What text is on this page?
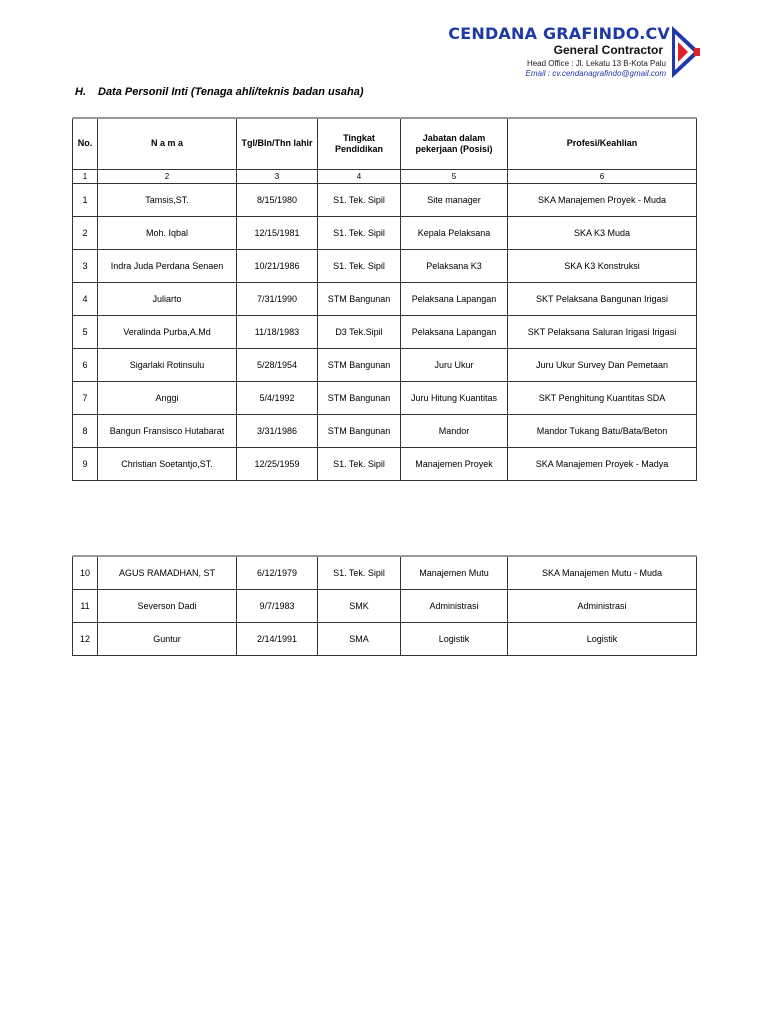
CENDANA GRAFINDO.CV
General Contractor
Head Office : Jl. Lekatu 13 B-Kota Palu
Email : cv.cendanagrafindo@gmail.com
H. Data Personil Inti (Tenaga ahli/teknis badan usaha)
No.	N a m a	Tgl/Bln/Thn lahir	Tingkat Pendidikan	Jabatan dalam pekerjaan (Posisi)	Profesi/Keahlian
1	2	3	4	5	6
1	Tamsis,ST.	8/15/1980	S1. Tek. Sipil	Site manager	SKA Manajemen Proyek - Muda
2	Moh. Iqbal	12/15/1981	S1. Tek. Sipil	Kepala Pelaksana	SKA K3 Muda
3	Indra Juda Perdana Senaen	10/21/1986	S1. Tek. Sipil	Pelaksana K3	SKA K3 Konstruksi
4	Juliarto	7/31/1990	STM Bangunan	Pelaksana Lapangan	SKT Pelaksana Bangunan Irigasi
5	Veralinda Purba,A.Md	11/18/1983	D3 Tek.Sipil	Pelaksana Lapangan	SKT Pelaksana Saluran Irigasi Irigasi
6	Sigarlaki Rotinsulu	5/28/1954	STM Bangunan	Juru Ukur	Juru Ukur Survey Dan Pemetaan
7	Anggi	5/4/1992	STM Bangunan	Juru Hitung Kuantitas	SKT Penghitung Kuantitas SDA
8	Bangun Fransisco Hutabarat	3/31/1986	STM Bangunan	Mandor	Mandor Tukang Batu/Bata/Beton
9	Christian Soetantjo,ST.	12/25/1959	S1. Tek. Sipil	Manajemen Proyek	SKA Manajemen Proyek - Madya
10	AGUS RAMADHAN, ST	6/12/1979	S1. Tek. Sipil	Manajemen Mutu	SKA Manajemen Mutu - Muda
11	Severson Dadi	9/7/1983	SMK	Administrasi	Administrasi
12	Guntur	2/14/1991	SMA	Logistik	Logistik
